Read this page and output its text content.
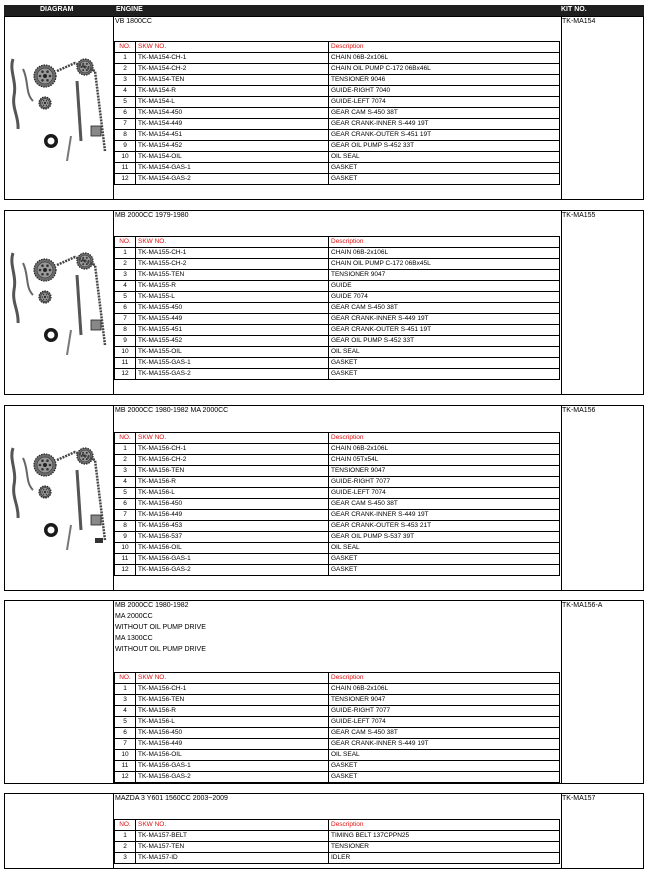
DIAGRAM	ENGINE	KIT NO.
VB 1800CC
NO.	SKW NO.	Description
1	TK-MA154-CH-1	CHAIN 06B-2x106L
2	TK-MA154-CH-2	CHAIN OIL PUMP C-172 06Bx46L
3	TK-MA154-TEN	TENSIONER 9046
4	TK-MA154-R	GUIDE-RIGHT 7040
5	TK-MA154-L	GUIDE-LEFT 7074
6	TK-MA154-450	GEAR CAM S-450 38T
7	TK-MA154-449	GEAR CRANK-INNER S-449 19T
8	TK-MA154-451	GEAR CRANK-OUTER S-451 19T
9	TK-MA154-452	GEAR OIL PUMP S-452 33T
10	TK-MA154-OIL	OIL SEAL
11	TK-MA154-GAS-1	GASKET
12	TK-MA154-GAS-2	GASKET
TK-MA154
MB 2000CC 1979-1980
NO.	SKW NO.	Description
1	TK-MA155-CH-1	CHAIN 06B-2x106L
2	TK-MA155-CH-2	CHAIN OIL PUMP C-172 06Bx45L
3	TK-MA155-TEN	TENSIONER 9047
4	TK-MA155-R	GUIDE
5	TK-MA155-L	GUIDE 7074
6	TK-MA155-450	GEAR CAM S-450 38T
7	TK-MA155-449	GEAR CRANK-INNER S-449 19T
8	TK-MA155-451	GEAR CRANK-OUTER S-451 19T
9	TK-MA155-452	GEAR OIL PUMP S-452 33T
10	TK-MA155-OIL	OIL SEAL
11	TK-MA155-GAS-1	GASKET
12	TK-MA155-GAS-2	GASKET
TK-MA155
MB 2000CC 1980-1982 MA 2000CC
NO.	SKW NO.	Description
1	TK-MA156-CH-1	CHAIN 06B-2x106L
2	TK-MA156-CH-2	CHAIN 05Tx54L
3	TK-MA156-TEN	TENSIONER 9047
4	TK-MA156-R	GUIDE-RIGHT 7077
5	TK-MA156-L	GUIDE-LEFT 7074
6	TK-MA156-450	GEAR CAM S-450 38T
7	TK-MA156-449	GEAR CRANK-INNER S-449 19T
8	TK-MA156-453	GEAR CRANK-OUTER S-453 21T
9	TK-MA156-537	GEAR OIL PUMP S-537 39T
10	TK-MA156-OIL	OIL SEAL
11	TK-MA156-GAS-1	GASKET
12	TK-MA156-GAS-2	GASKET
TK-MA156
MB 2000CC 1980-1982
MA 2000CC
WITHOUT OIL PUMP DRIVE
MA 1300CC
WITHOUT OIL PUMP DRIVE
NO.	SKW NO.	Description
1	TK-MA156-CH-1	CHAIN 06B-2x106L
3	TK-MA156-TEN	TENSIONER 9047
4	TK-MA156-R	GUIDE-RIGHT 7077
5	TK-MA156-L	GUIDE-LEFT 7074
6	TK-MA156-450	GEAR CAM S-450 38T
7	TK-MA156-449	GEAR CRANK-INNER S-449 19T
10	TK-MA156-OIL	OIL SEAL
11	TK-MA156-GAS-1	GASKET
12	TK-MA156-GAS-2	GASKET
TK-MA156-A
MAZDA 3 Y601 1560CC 2003~2009
NO.	SKW NO.	Description
1	TK-MA157-BELT	TIMING BELT 137CPPN25
2	TK-MA157-TEN	TENSIONER
3	TK-MA157-ID	IDLER
TK-MA157
